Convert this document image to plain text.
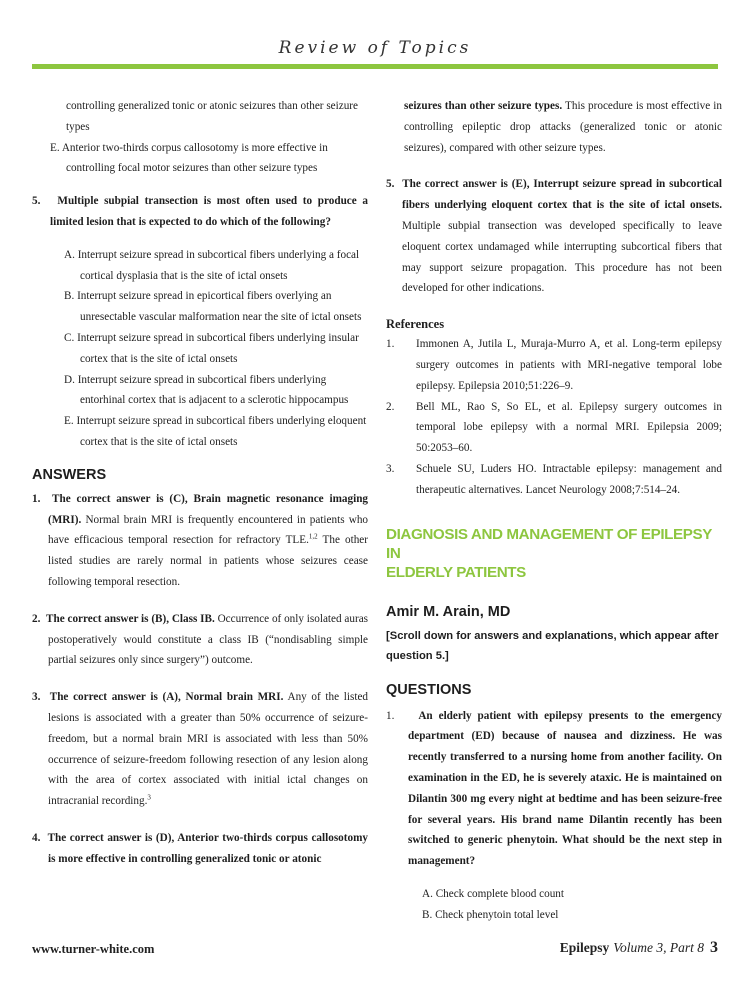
Review of Topics

controlling generalized tonic or atonic seizures than other seizure types

E. Anterior two-thirds corpus callosotomy is more effective in controlling focal motor seizures than other seizure types

5. Multiple subpial transection is most often used to produce a limited lesion that is expected to do which of the following?

A. Interrupt seizure spread in subcortical fibers underlying a focal cortical dysplasia that is the site of ictal onsets

B. Interrupt seizure spread in epicortical fibers overlying an unresectable vascular malformation near the site of ictal onsets

C. Interrupt seizure spread in subcortical fibers underlying insular cortex that is the site of ictal onsets

D. Interrupt seizure spread in subcortical fibers underlying entorhinal cortex that is adjacent to a sclerotic hippocampus

E. Interrupt seizure spread in subcortical fibers underlying eloquent cortex that is the site of ictal onsets

ANSWERS

1. The correct answer is (C), Brain magnetic resonance imaging (MRI). Normal brain MRI is frequently encountered in patients who have efficacious temporal resection for refractory TLE.$^{1,2}$ The other listed studies are rarely normal in patients whose seizures cease following temporal resection.

2. The correct answer is (B), Class IB. Occurrence of only isolated auras postoperatively would constitute a class IB (“nondisabling simple partial seizures only since surgery”) outcome.

3. The correct answer is (A), Normal brain MRI. Any of the listed lesions is associated with a greater than 50% occurrence of seizure-freedom, but a normal brain MRI is associated with less than 50% occurrence of seizure-freedom following resection of any lesion along with the area of cortex associated with initial ictal changes on intracranial recording.$^3$

4. The correct answer is (D), Anterior two-thirds corpus callosotomy is more effective in controlling generalized tonic or atonic

seizures than other seizure types. This procedure is most effective in controlling epileptic drop attacks (generalized tonic or atonic seizures), compared with other seizure types.

5. The correct answer is (E), Interrupt seizure spread in subcortical fibers underlying eloquent cortex that is the site of ictal onsets. Multiple subpial transection was developed specifically to leave eloquent cortex undamaged while interrupting subcortical fibers that may support seizure propagation. This procedure has not been developed for other indications.

References

1.	Immonen A, Jutila L, Muraja-Murro A, et al. Long-term epilepsy surgery outcomes in patients with MRI-negative temporal lobe epilepsy. Epilepsia 2010;51:226–9.
2.	Bell ML, Rao S, So EL, et al. Epilepsy surgery outcomes in temporal lobe epilepsy with a normal MRI. Epilepsia 2009; 50:2053–60.
3.	Schuele SU, Luders HO. Intractable epilepsy: management and therapeutic alternatives. Lancet Neurology 2008;7:514–24.

DIAGNOSIS AND MANAGEMENT OF EPILEPSY IN

ELDERLY PATIENTS

Amir M. Arain, MD

[Scroll down for answers and explanations, which appear after question 5.]

QUESTIONS

1. An elderly patient with epilepsy presents to the emergency department (ED) because of nausea and dizziness. He was recently transferred to a nursing home from another facility. On examination in the ED, he is severely ataxic. He is maintained on Dilantin 300 mg every night at bedtime and has been seizure-free for several years. His brand name Dilantin recently has been switched to generic phenytoin. What should be the next step in management?

A. Check complete blood count

B. Check phenytoin total level

www.turner-white.com	Epilepsy Volume 3, Part 8 3
